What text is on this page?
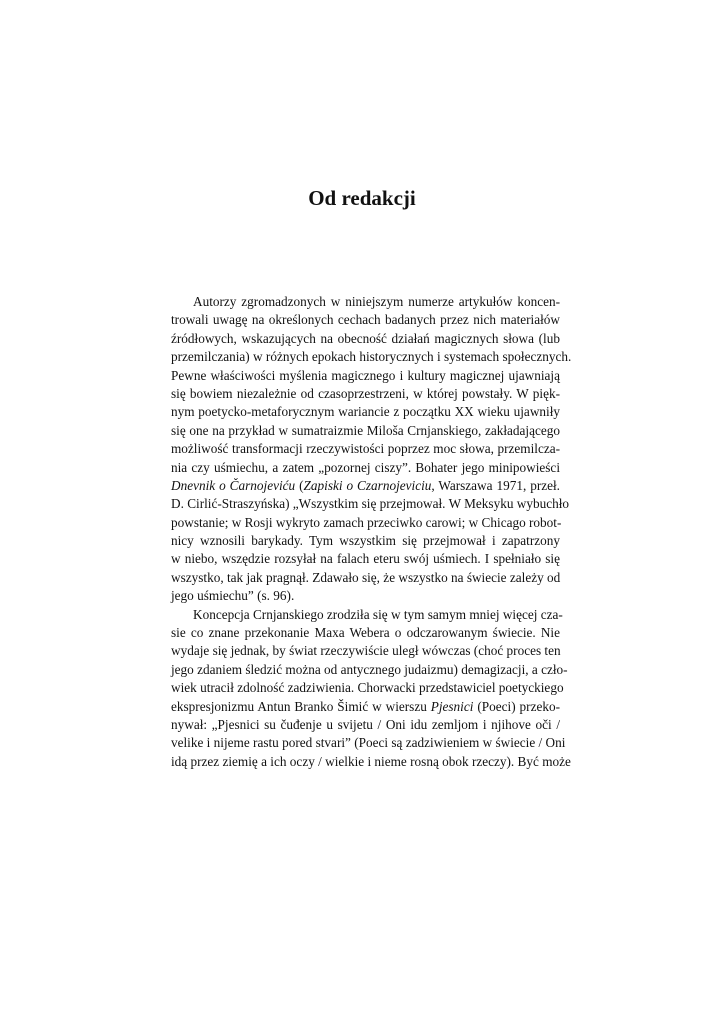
Od redakcji
Autorzy zgromadzonych w niniejszym numerze artykułów koncen-
trowali uwagę na określonych cechach badanych przez nich materiałów
źródłowych, wskazujących na obecność działań magicznych słowa (lub
przemilczania) w różnych epokach historycznych i systemach społecznych.
Pewne właściwości myślenia magicznego i kultury magicznej ujawniają
się bowiem niezależnie od czasoprzestrzeni, w której powstały. W pięk-
nym poetycko-metaforycznym wariancie z początku XX wieku ujawniły
się one na przykład w sumatraizmie Miloša Crnjanskiego, zakładającego
możliwość transformacji rzeczywistości poprzez moc słowa, przemilcza-
nia czy uśmiechu, a zatem „pozornej ciszy”. Bohater jego minipowieści
Dnevnik o Čarnojeviću (Zapiski o Czarnojeviciu, Warszawa 1971, przeł.
D. Cirlić-Straszyńska) „Wszystkim się przejmował. W Meksyku wybuchło
powstanie; w Rosji wykryto zamach przeciwko carowi; w Chicago robot-
nicy wznosili barykady. Tym wszystkim się przejmował i zapatrzony
w niebo, wszędzie rozsyłał na falach eteru swój uśmiech. I spełniało się
wszystko, tak jak pragnął. Zdawało się, że wszystko na świecie zależy od
jego uśmiechu” (s. 96).
Koncepcja Crnjanskiego zrodziła się w tym samym mniej więcej cza-
sie co znane przekonanie Maxa Webera o odczarowanym świecie. Nie
wydaje się jednak, by świat rzeczywiście uległ wówczas (choć proces ten
jego zdaniem śledzić można od antycznego judaizmu) demagizacji, a czło-
wiek utracił zdolność zadziwienia. Chorwacki przedstawiciel poetyckiego
ekspresjonizmu Antun Branko Šimić w wierszu Pjesnici (Poeci) przeko-
nywał: „Pjesnici su čuđenje u svijetu / Oni idu zemljom i njihove oči /
velike i nijeme rastu pored stvari” (Poeci są zadziwieniem w świecie / Oni
idą przez ziemię a ich oczy / wielkie i nieme rosną obok rzeczy). Być może
